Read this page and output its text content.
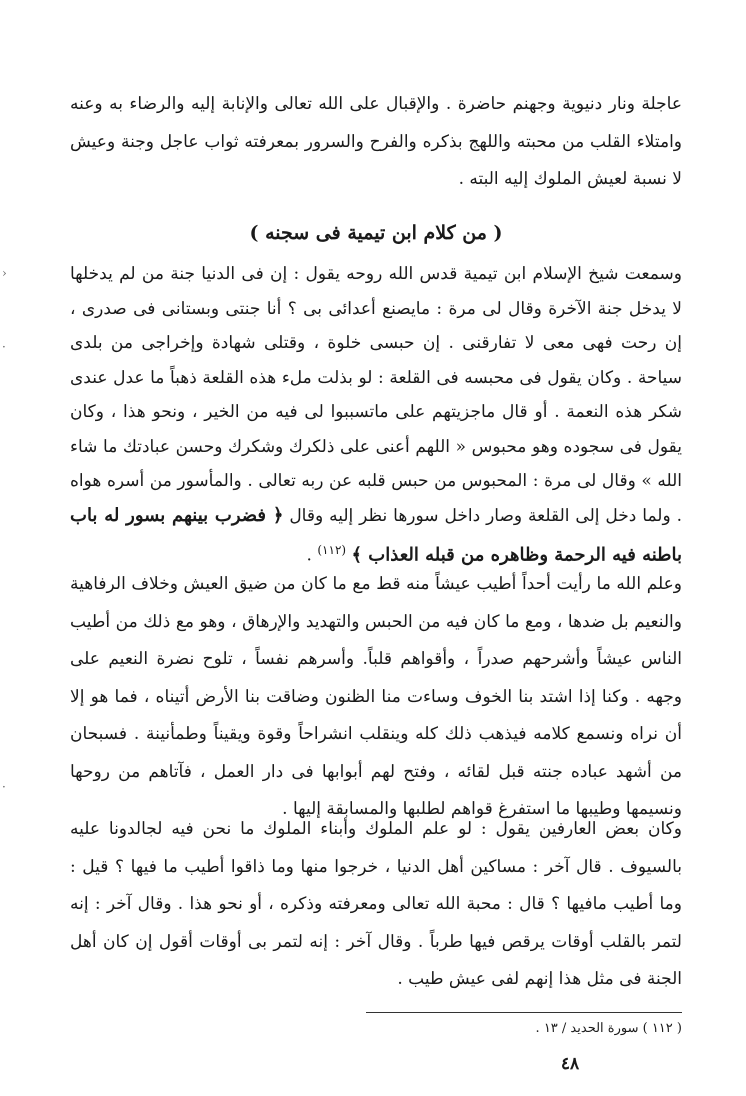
عاجلة ونار دنيوية وجهنم حاضرة . والإقبال على الله تعالى والإنابة إليه والرضاء به وعنه وامتلاء القلب من محبته واللهج بذكره والفرح والسرور بمعرفته ثواب عاجل وجنة وعيش لا نسبة لعيش الملوك إليه البته .

( من كلام ابن تيمية فى سجنه )

وسمعت شيخ الإسلام ابن تيمية قدس الله روحه يقول : إن فى الدنيا جنة من لم يدخلها لا يدخل جنة الآخرة وقال لى مرة : مايصنع أعدائى بى ؟ أنا جنتى وبستانى فى صدرى ، إن رحت فهى معى لا تفارقنى . إن حبسى خلوة ، وقتلى شهادة وإخراجى من بلدى سياحة . وكان يقول فى محبسه فى القلعة : لو بذلت ملء هذه القلعة ذهباً ما عدل عندى شكر هذه النعمة . أو قال ماجزيتهم على ماتسببوا لى فيه من الخير ، ونحو هذا ، وكان يقول فى سجوده وهو محبوس « اللهم أعنى على ذلكرك وشكرك وحسن عبادتك ما شاء الله » وقال لى مرة : المحبوس من حبس قلبه عن ربه تعالى . والمأسور من أسره هواه . ولما دخل إلى القلعة وصار داخل سورها نظر إليه وقال ﴿ فضرب بينهم بسور له باب باطنه فيه الرحمة وظاهره من قبله العذاب ﴾ $^{(١١٢)}$ .

وعلم الله ما رأيت أحداً أطيب عيشاً منه قط مع ما كان من ضيق العيش وخلاف الرفاهية والنعيم بل ضدها ، ومع ما كان فيه من الحبس والتهديد والإرهاق ، وهو مع ذلك من أطيب الناس عيشاً وأشرحهم صدراً ، وأقواهم قلباً. وأسرهم نفساً ، تلوح نضرة النعيم على وجهه . وكنا إذا اشتد بنا الخوف وساءت منا الظنون وضاقت بنا الأرض أتيناه ، فما هو إلا أن نراه ونسمع كلامه فيذهب ذلك كله وينقلب انشراحاً وقوة ويقيناً وطمأنينة . فسبحان من أشهد عباده جنته قبل لقائه ، وفتح لهم أبوابها فى دار العمل ، فآتاهم من روحها ونسيمها وطيبها ما استفرغ قواهم لطلبها والمسابقة إليها .

وكان بعض العارفين يقول : لو علم الملوك وأبناء الملوك ما نحن فيه لجالدونا عليه بالسيوف . قال آخر : مساكين أهل الدنيا ، خرجوا منها وما ذاقوا أطيب ما فيها ؟ قيل : وما أطيب مافيها ؟ قال : محبة الله تعالى ومعرفته وذكره ، أو نحو هذا . وقال آخر : إنه لتمر بالقلب أوقات يرقص فيها طرباً . وقال آخر : إنه لتمر بى أوقات أقول إن كان أهل الجنة فى مثل هذا إنهم لفى عيش طيب .

( ١١٢ ) سورة الحديد / ١٣ .

٤٨

›
·
·
